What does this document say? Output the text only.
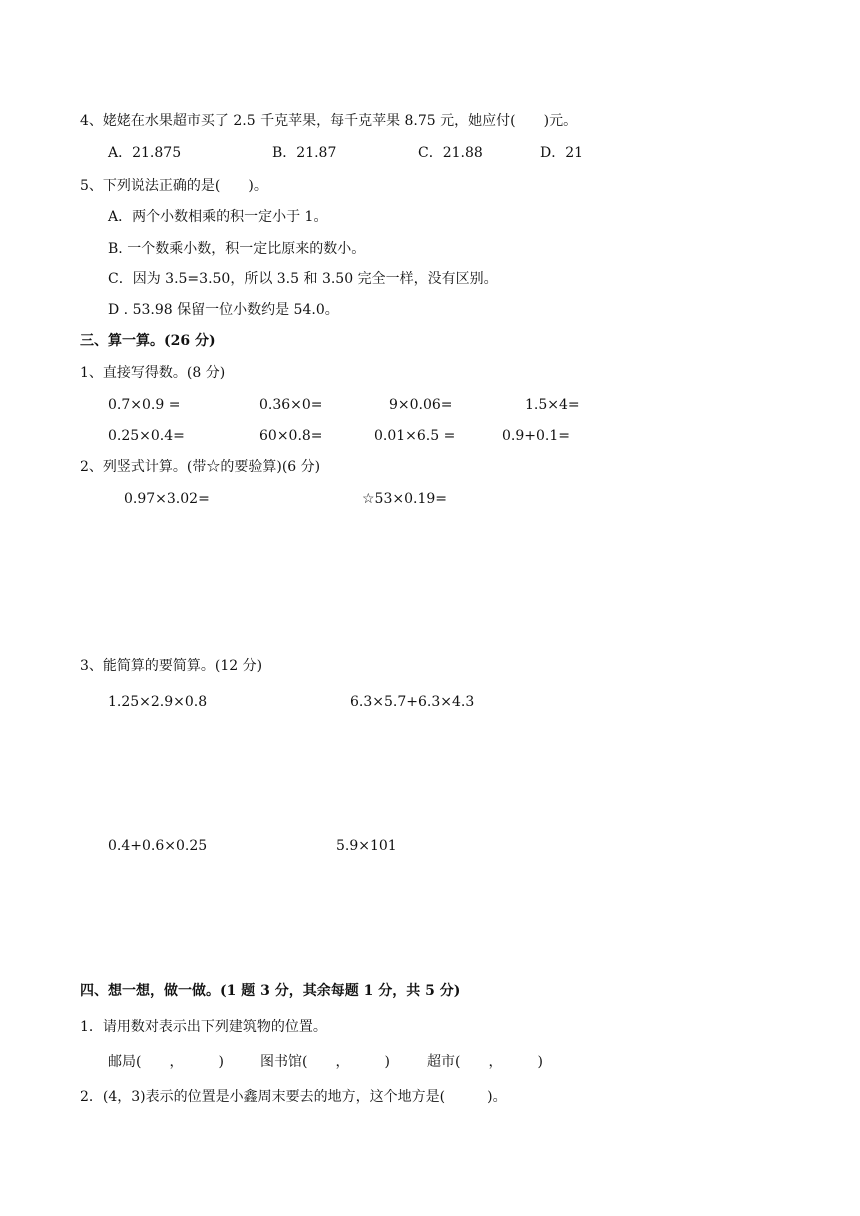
4、姥姥在水果超市买了 2.5 千克苹果，每千克苹果 8.75 元，她应付(　　)元。
A．21.875	B．21.87	C．21.88	D．21
5、下列说法正确的是(　　)。
A．两个小数相乘的积一定小于 1。
B. 一个数乘小数，积一定比原来的数小。
C．因为 3.5=3.50，所以 3.5 和 3.50 完全一样，没有区别。
D . 53.98 保留一位小数约是 54.0。
三、算一算。(26 分)
1、直接写得数。(8 分)
0.7×0.9 =	0.36×0=	9×0.06=	1.5×4=
0.25×0.4=	60×0.8=	0.01×6.5 =	0.9+0.1=
2、列竖式计算。(带☆的要验算)(6 分)
0.97×3.02=	☆53×0.19=
3、能简算的要简算。(12 分)
1.25×2.9×0.8	6.3×5.7+6.3×4.3
0.4+0.6×0.25	5.9×101
四、想一想，做一做。(1 题 3 分，其余每题 1 分，共 5 分)
1．请用数对表示出下列建筑物的位置。
邮局(　　，　　　)	图书馆(　　，　　　)	超市(　　，　　　)
2．(4，3)表示的位置是小鑫周末要去的地方，这个地方是(　　　)。
